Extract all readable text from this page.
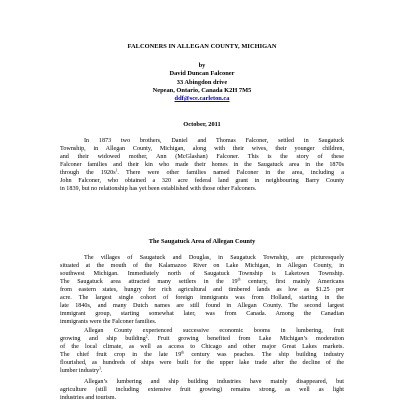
FALCONERS IN ALLEGAN COUNTY, MICHIGAN
by
David Duncan Falconer
33 Abingdon drive
Nepean, Ontario, Canada K2H 7M5
ddf@sce.carleton.ca
October, 2011
In 1873 two brothers, Daniel and Thomas Falconer, settled in Saugatuck
Township, in Allegan County, Michigan, along with their wives, their younger children,
and their widowed mother, Ann (McGlashan) Falconer. This is the story of these
Falconer families and their kin who made their homes in the Saugatuck area in the 1870s
through the $1920s^1$. There were other families named Falconer in the area, including a
John Falconer, who obtained a 320 acre federal land grant in neighbouring Barry County
in 1839, but no relationship has yet been established with those other Falconers.
The Saugatuck Area of Allegan County
The villages of Saugatuck and Douglas, in Saugatuck Township, are picturesquely
situated at the mouth of the Kalamazoo River on Lake Michigan, in Allegan County, in
southwest Michigan. Immediately north of Saugatuck Township is Laketown Township.
The Saugatuck area attracted many settlers in the 19th century, first mainly Americans
from eastern states, hungry for rich agricultural and timbered lands as low as $1.25 per
acre. The largest single cohort of foreign immigrants was from Holland, starting in the
late 1840s, and many Dutch names are still found in Allegan County. The second largest
immigrant group, starting somewhat later, was from Canada. Among the Canadian
immigrants were the Falconer families.
Allegan County experienced successive economic booms in lumbering, fruit
growing and ship building$^2$. Fruit growing benefited from Lake Michigan’s moderation
of the local climate, as well as access to Chicago and other major Great Lakes markets.
The chief fruit crop in the late 19th century was peaches. The ship building industry
flourished, as hundreds of ships were built for the upper lake trade after the decline of the
lumber industry$^3$.
Allegan’s lumbering and ship building industries have mainly disappeared, but
agriculture (still including extensive fruit growing) remains strong, as well as light
industries and tourism.
